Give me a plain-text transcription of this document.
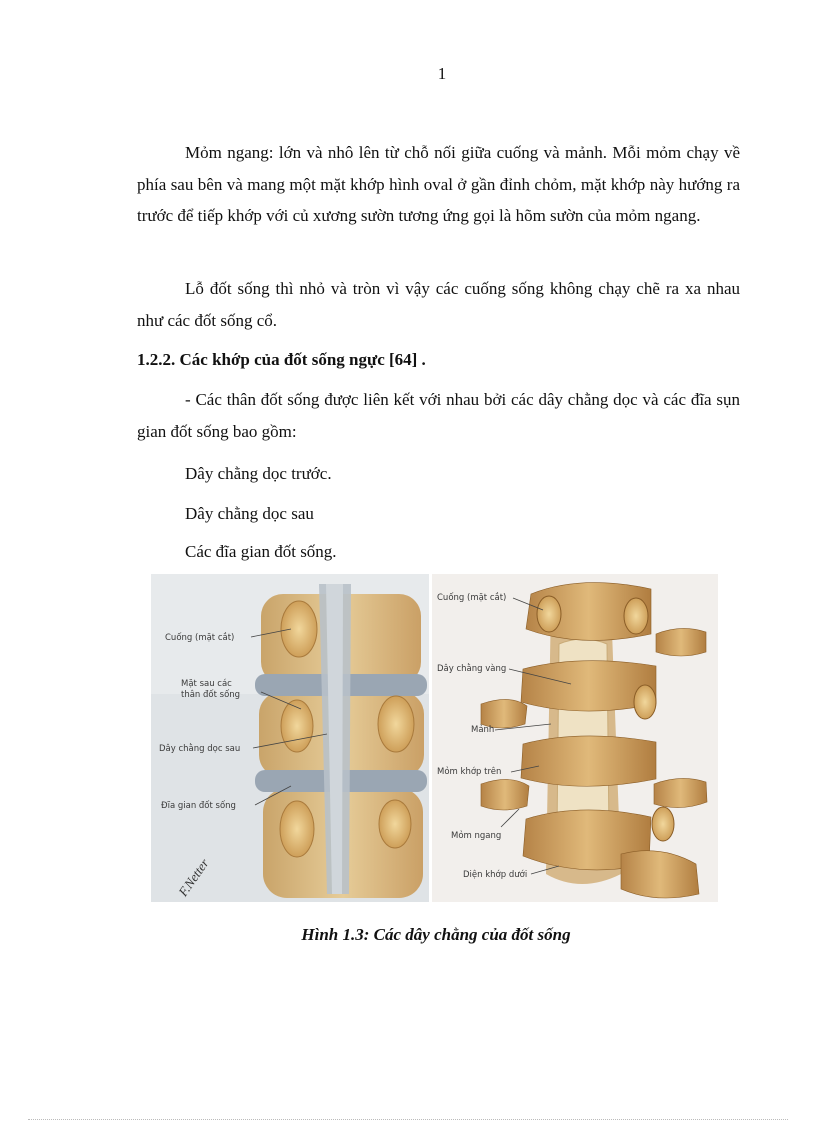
1

Mỏm ngang: lớn và nhô lên từ chỗ nối giữa cuống và mảnh. Mỗi mỏm chạy về phía sau bên và mang một mặt khớp hình oval ở gần đỉnh chỏm, mặt khớp này hướng ra trước để tiếp khớp với củ xương sườn tương ứng gọi là hõm sườn của mỏm ngang.

Lỗ đốt sống thì nhỏ và tròn vì vậy các cuống sống không chạy chẽ ra xa nhau như các đốt sống cổ.

1.2.2. Các khớp của đốt sống ngực [64] .

- Các thân đốt sống được liên kết với nhau bởi các dây chằng dọc và các đĩa sụn gian đốt sống bao gồm:

Dây chằng dọc trước.

Dây chằng dọc sau

Các đĩa gian đốt sống.

Cuống (mặt cắt)
Mặt sau các
thân đốt sống
Dây chằng dọc sau
Đĩa gian đốt sống
F.Netter
Cuống (mặt cắt)
Dây chằng vàng
Mảnh
Mỏm khớp trên
Mỏm ngang
Diện khớp dưới
Hình 1.3: Các dây chằng của đốt sống
